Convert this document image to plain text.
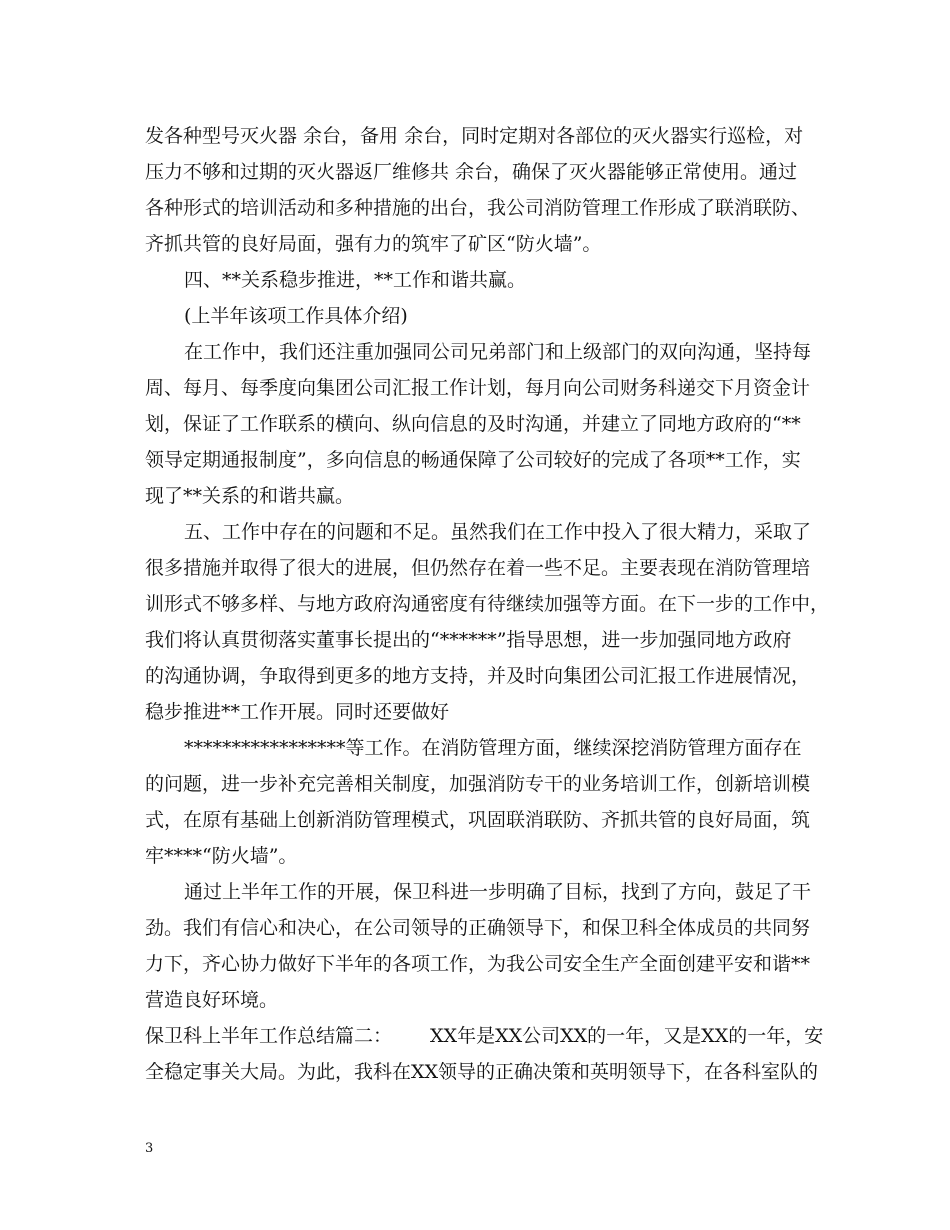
发各种型号灭火器 余台，备用 余台，同时定期对各部位的灭火器实行巡检，对
压力不够和过期的灭火器返厂维修共 余台，确保了灭火器能够正常使用。通过
各种形式的培训活动和多种措施的出台，我公司消防管理工作形成了联消联防、
齐抓共管的良好局面，强有力的筑牢了矿区“防火墙”。
四、**关系稳步推进，**工作和谐共赢。
(上半年该项工作具体介绍)
在工作中，我们还注重加强同公司兄弟部门和上级部门的双向沟通，坚持每
周、每月、每季度向集团公司汇报工作计划，每月向公司财务科递交下月资金计
划，保证了工作联系的横向、纵向信息的及时沟通，并建立了同地方政府的“**
领导定期通报制度”，多向信息的畅通保障了公司较好的完成了各项**工作，实
现了**关系的和谐共赢。
五、工作中存在的问题和不足。虽然我们在工作中投入了很大精力，采取了
很多措施并取得了很大的进展，但仍然存在着一些不足。主要表现在消防管理培
训形式不够多样、与地方政府沟通密度有待继续加强等方面。在下一步的工作中，
我们将认真贯彻落实董事长提出的“******”指导思想，进一步加强同地方政府
的沟通协调，争取得到更多的地方支持，并及时向集团公司汇报工作进展情况，
稳步推进**工作开展。同时还要做好
*****************等工作。在消防管理方面，继续深挖消防管理方面存在
的问题，进一步补充完善相关制度，加强消防专干的业务培训工作，创新培训模
式，在原有基础上创新消防管理模式，巩固联消联防、齐抓共管的良好局面，筑
牢****“防火墙”。
通过上半年工作的开展，保卫科进一步明确了目标，找到了方向，鼓足了干
劲。我们有信心和决心，在公司领导的正确领导下，和保卫科全体成员的共同努
力下，齐心协力做好下半年的各项工作，为我公司安全生产全面创建平安和谐**
营造良好环境。
保卫科上半年工作总结篇二： XX年是XX公司XX的一年，又是XX的一年，安
全稳定事关大局。为此，我科在XX领导的正确决策和英明领导下，在各科室队的
3
